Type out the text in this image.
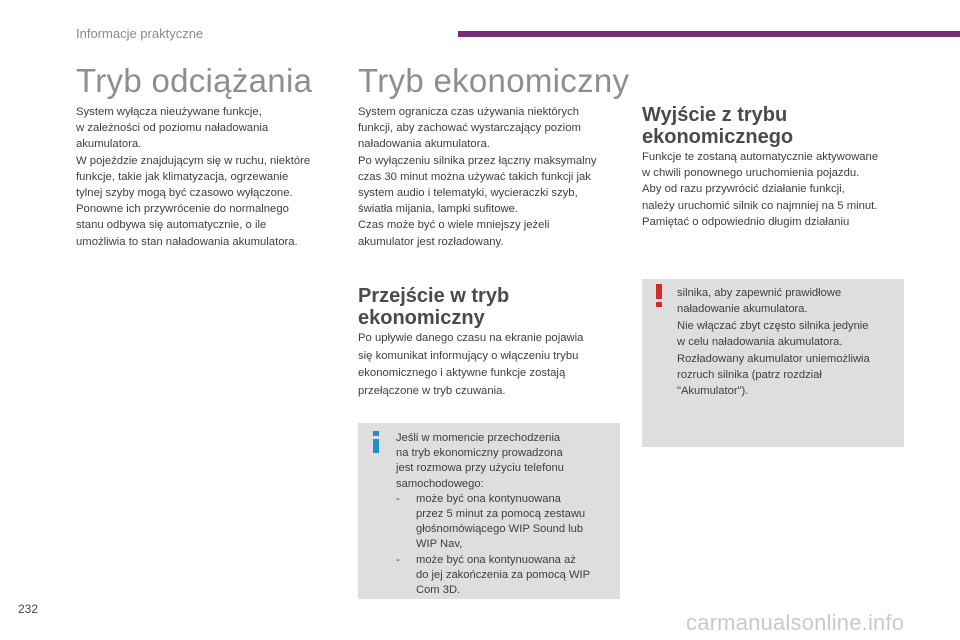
Informacje praktyczne
Tryb odciążania

System wyłącza nieużywane funkcje,

w zależności od poziomu naładowania

akumulatora.

W pojeździe znajdującym się w ruchu, niektóre

funkcje, takie jak klimatyzacja, ogrzewanie

tylnej szyby mogą być czasowo wyłączone.

Ponowne ich przywrócenie do normalnego

stanu odbywa się automatycznie, o ile

umożliwia to stan naładowania akumulatora.

Tryb ekonomiczny

System ogranicza czas używania niektórych

funkcji, aby zachować wystarczający poziom

naładowania akumulatora.

Po wyłączeniu silnika przez łączny maksymalny

czas 30 minut można używać takich funkcji jak

system audio i telematyki, wycieraczki szyb,

światła mijania, lampki sufitowe.

Czas może być o wiele mniejszy jeżeli

akumulator jest rozładowany.

Przejście w tryb
ekonomiczny

Po upływie danego czasu na ekranie pojawia

się komunikat informujący o włączeniu trybu

ekonomicznego i aktywne funkcje zostają

przełączone w tryb czuwania.

Jeśli w momencie przechodzenia

na tryb ekonomiczny prowadzona

jest rozmowa przy użyciu telefonu

samochodowego:

- może być ona kontynuowana

przez 5 minut za pomocą zestawu

głośnomówiącego WIP Sound lub

WIP Nav,

- może być ona kontynuowana aż

do jej zakończenia za pomocą WIP

Com 3D.

Wyjście z trybu
ekonomicznego

Funkcje te zostaną automatycznie aktywowane

w chwili ponownego uruchomienia pojazdu.

Aby od razu przywrócić działanie funkcji,

należy uruchomić silnik co najmniej na 5 minut.

Pamiętać o odpowiednio długim działaniu

silnika, aby zapewnić prawidłowe

naładowanie akumulatora.

Nie włączać zbyt często silnika jedynie

w celu naładowania akumulatora.

Rozładowany akumulator uniemożliwia

rozruch silnika (patrz rozdział

"Akumulator").

232
carmanualsonline.info
